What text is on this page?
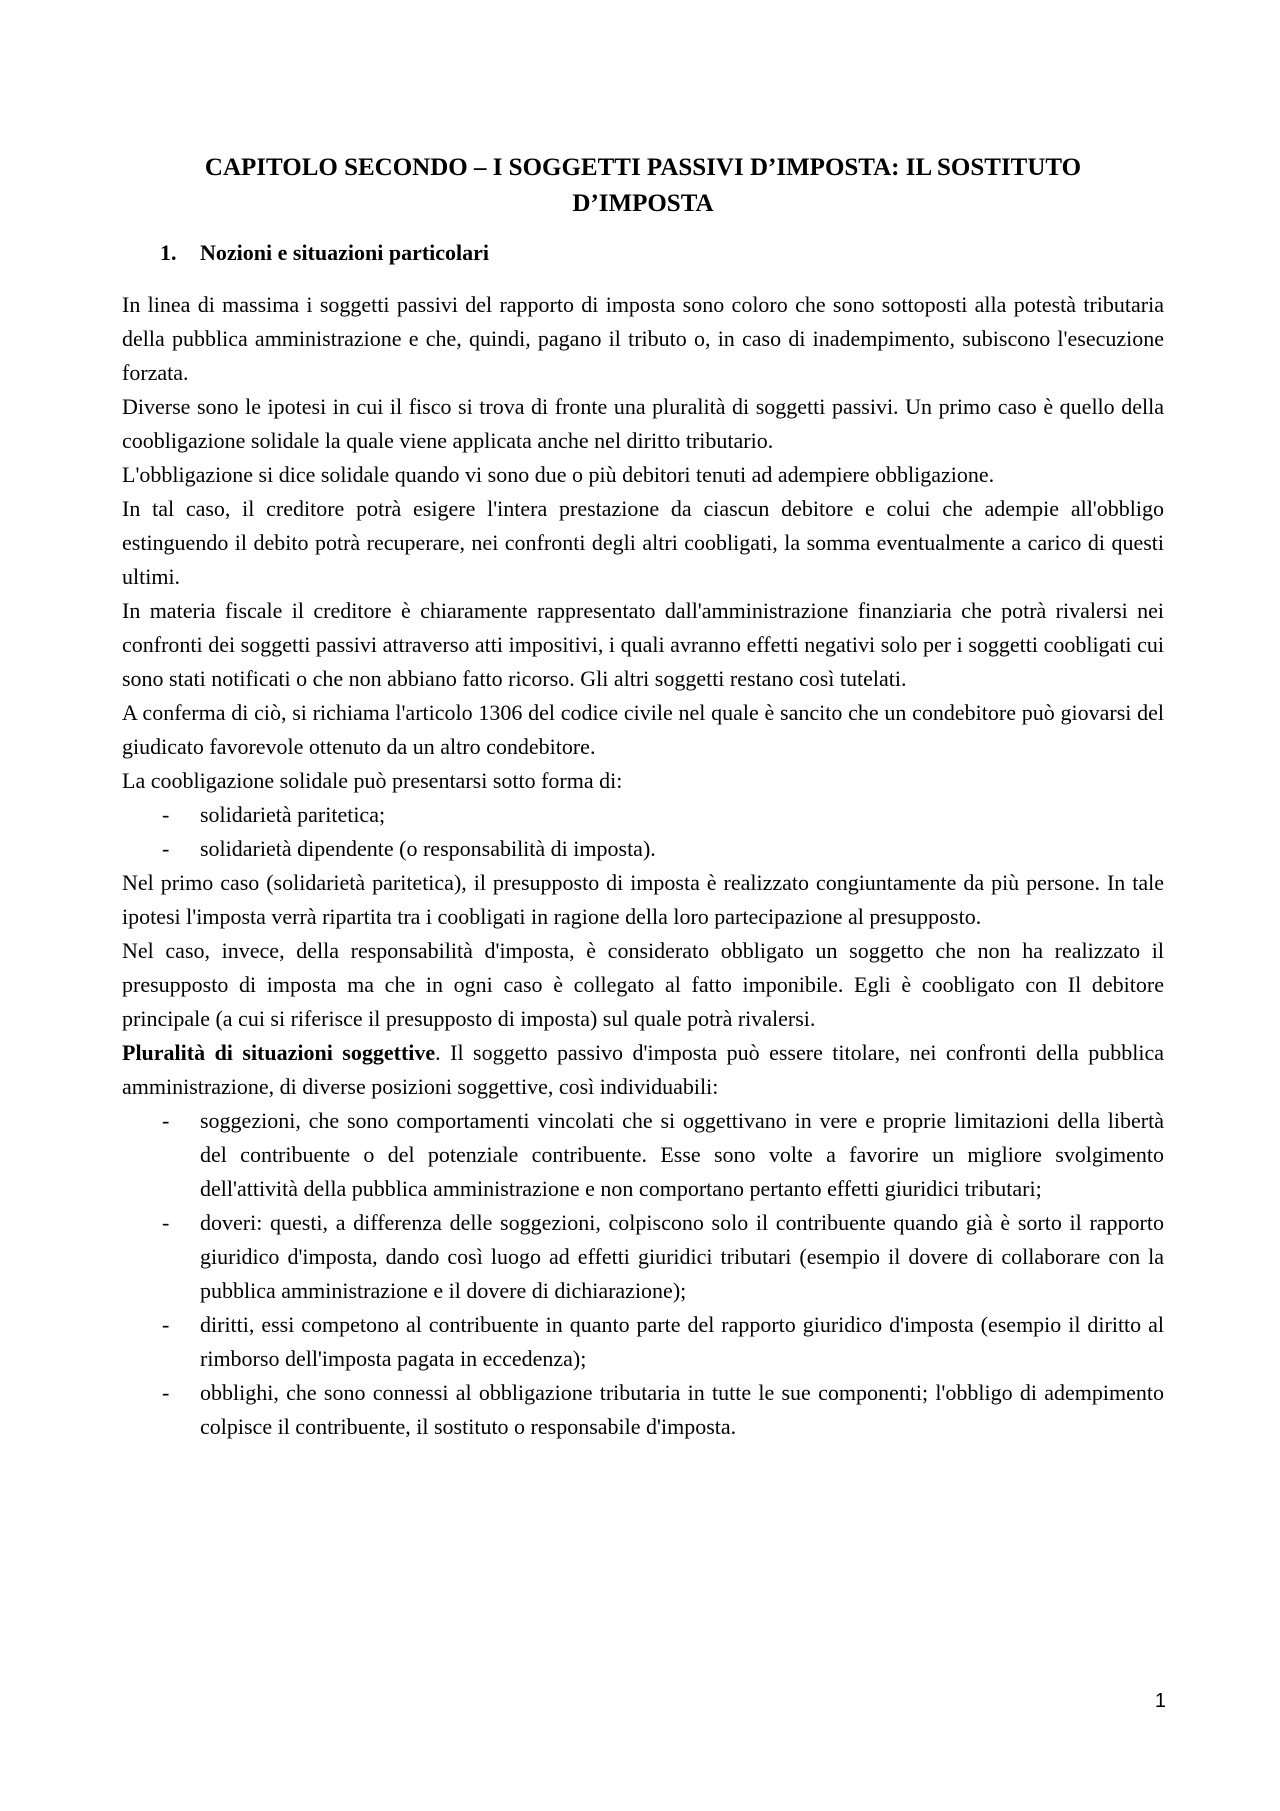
CAPITOLO SECONDO – I SOGGETTI PASSIVI D’IMPOSTA: IL SOSTITUTO
D’IMPOSTA
1.	Nozioni e situazioni particolari

In linea di massima i soggetti passivi del rapporto di imposta sono coloro che sono sottoposti alla potestà tributaria della pubblica amministrazione e che, quindi, pagano il tributo o, in caso di inadempimento, subiscono l'esecuzione forzata.

Diverse sono le ipotesi in cui il fisco si trova di fronte una pluralità di soggetti passivi. Un primo caso è quello della coobligazione solidale la quale viene applicata anche nel diritto tributario.

L'obbligazione si dice solidale quando vi sono due o più debitori tenuti ad adempiere obbligazione.

In tal caso, il creditore potrà esigere l'intera prestazione da ciascun debitore e colui che adempie all'obbligo estinguendo il debito potrà recuperare, nei confronti degli altri coobligati, la somma eventualmente a carico di questi ultimi.

In materia fiscale il creditore è chiaramente rappresentato dall'amministrazione finanziaria che potrà rivalersi nei confronti dei soggetti passivi attraverso atti impositivi, i quali avranno effetti negativi solo per i soggetti coobligati cui sono stati notificati o che non abbiano fatto ricorso. Gli altri soggetti restano così tutelati.

A conferma di ciò, si richiama l'articolo 1306 del codice civile nel quale è sancito che un condebitore può giovarsi del giudicato favorevole ottenuto da un altro condebitore.

La coobligazione solidale può presentarsi sotto forma di:

-	solidarietà paritetica;
-	solidarietà dipendente (o responsabilità di imposta).

Nel primo caso (solidarietà paritetica), il presupposto di imposta è realizzato congiuntamente da più persone. In tale ipotesi l'imposta verrà ripartita tra i coobligati in ragione della loro partecipazione al presupposto.

Nel caso, invece, della responsabilità d'imposta, è considerato obbligato un soggetto che non ha realizzato il presupposto di imposta ma che in ogni caso è collegato al fatto imponibile. Egli è coobligato con Il debitore principale (a cui si riferisce il presupposto di imposta) sul quale potrà rivalersi.

Pluralità di situazioni soggettive. Il soggetto passivo d'imposta può essere titolare, nei confronti della pubblica amministrazione, di diverse posizioni soggettive, così individuabili:

-	soggezioni, che sono comportamenti vincolati che si oggettivano in vere e proprie limitazioni della libertà del contribuente o del potenziale contribuente. Esse sono volte a favorire un migliore svolgimento dell'attività della pubblica amministrazione e non comportano pertanto effetti giuridici tributari;
-	doveri: questi, a differenza delle soggezioni, colpiscono solo il contribuente quando già è sorto il rapporto giuridico d'imposta, dando così luogo ad effetti giuridici tributari (esempio il dovere di collaborare con la pubblica amministrazione e il dovere di dichiarazione);
-	diritti, essi competono al contribuente in quanto parte del rapporto giuridico d'imposta (esempio il diritto al rimborso dell'imposta pagata in eccedenza);
-	obblighi, che sono connessi al obbligazione tributaria in tutte le sue componenti; l'obbligo di adempimento colpisce il contribuente, il sostituto o responsabile d'imposta.
1
